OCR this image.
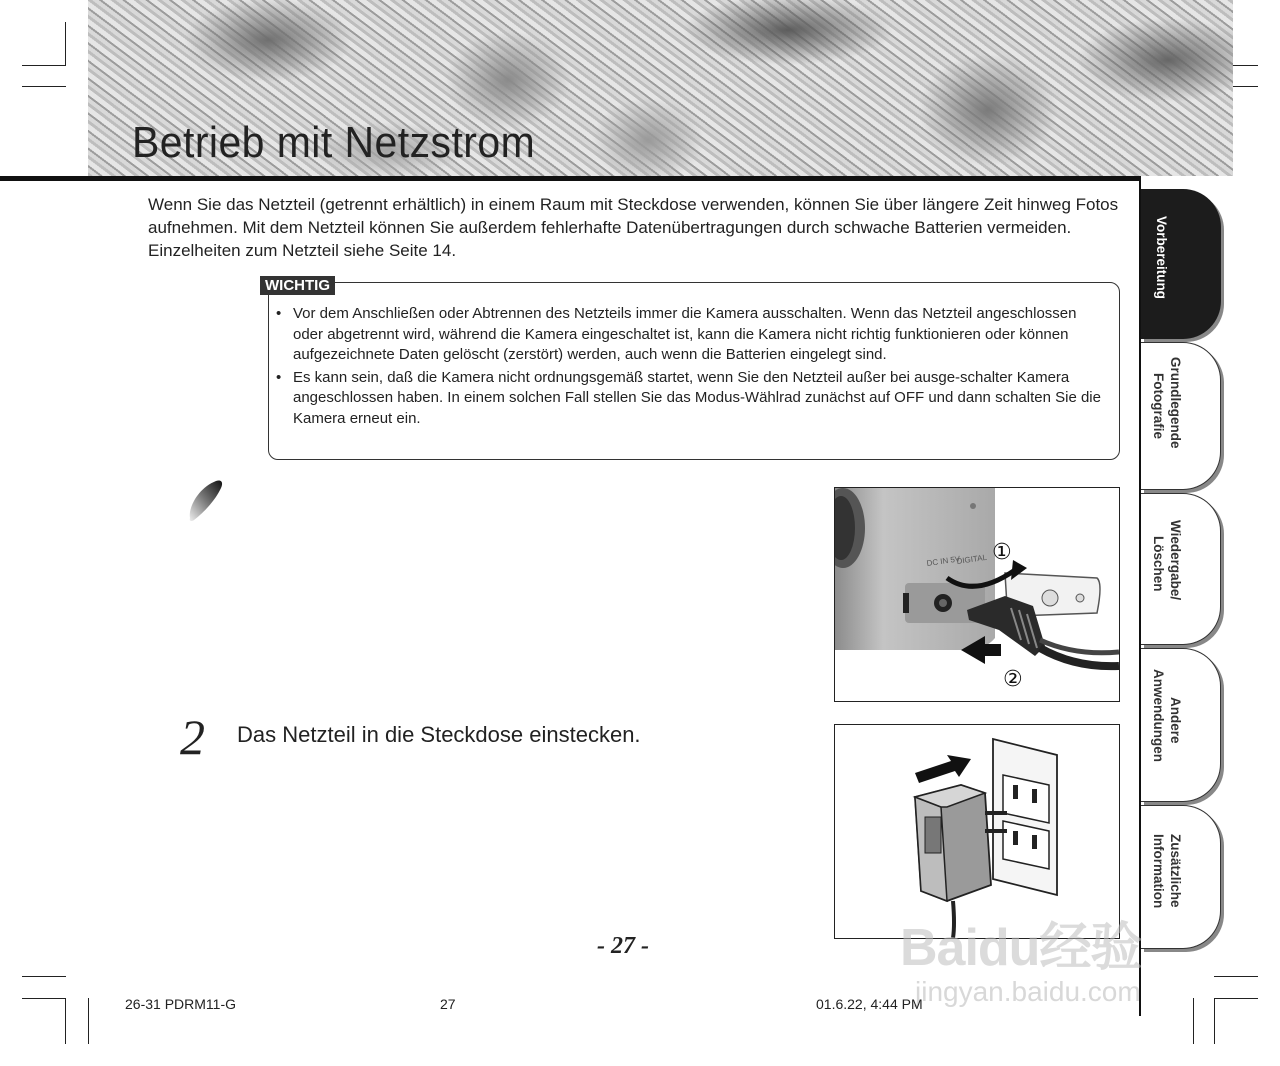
Betrieb mit Netzstrom
Wenn Sie das Netzteil (getrennt erhältlich) in einem Raum mit Steckdose verwenden, können Sie über längere Zeit hinweg Fotos aufnehmen. Mit dem Netzteil können Sie außerdem fehlerhafte Datenübertragungen durch schwache Batterien vermeiden. Einzelheiten zum Netzteil siehe Seite 14.
WICHTIG
• Vor dem Anschließen oder Abtrennen des Netzteils immer die Kamera ausschalten. Wenn das Netzteil angeschlossen oder abgetrennt wird, während die Kamera eingeschaltet ist, kann die Kamera nicht richtig funktionieren oder können aufgezeichnete Daten gelöscht (zerstört) werden, auch wenn die Batterien eingelegt sind.
• Es kann sein, daß die Kamera nicht ordnungsgemäß startet, wenn Sie den Netzteil außer bei ausge-schalter Kamera angeschlossen haben. In einem solchen Fall stellen Sie das Modus-Wählrad zunächst auf OFF und dann schalten Sie die Kamera erneut ein.
2 Das Netzteil in die Steckdose einstecken.
DC IN 5V
DIGITAL ①
②
- 27 -
Vorbereitung
Grundlegende
Fotografie
Wiedergabe/
Löschen
Andere
Anwendungen
Zusätzliche
Information
Baidu经验
jingyan.baidu.com
26-31 PDRM11-G	27	01.6.22, 4:44 PM
